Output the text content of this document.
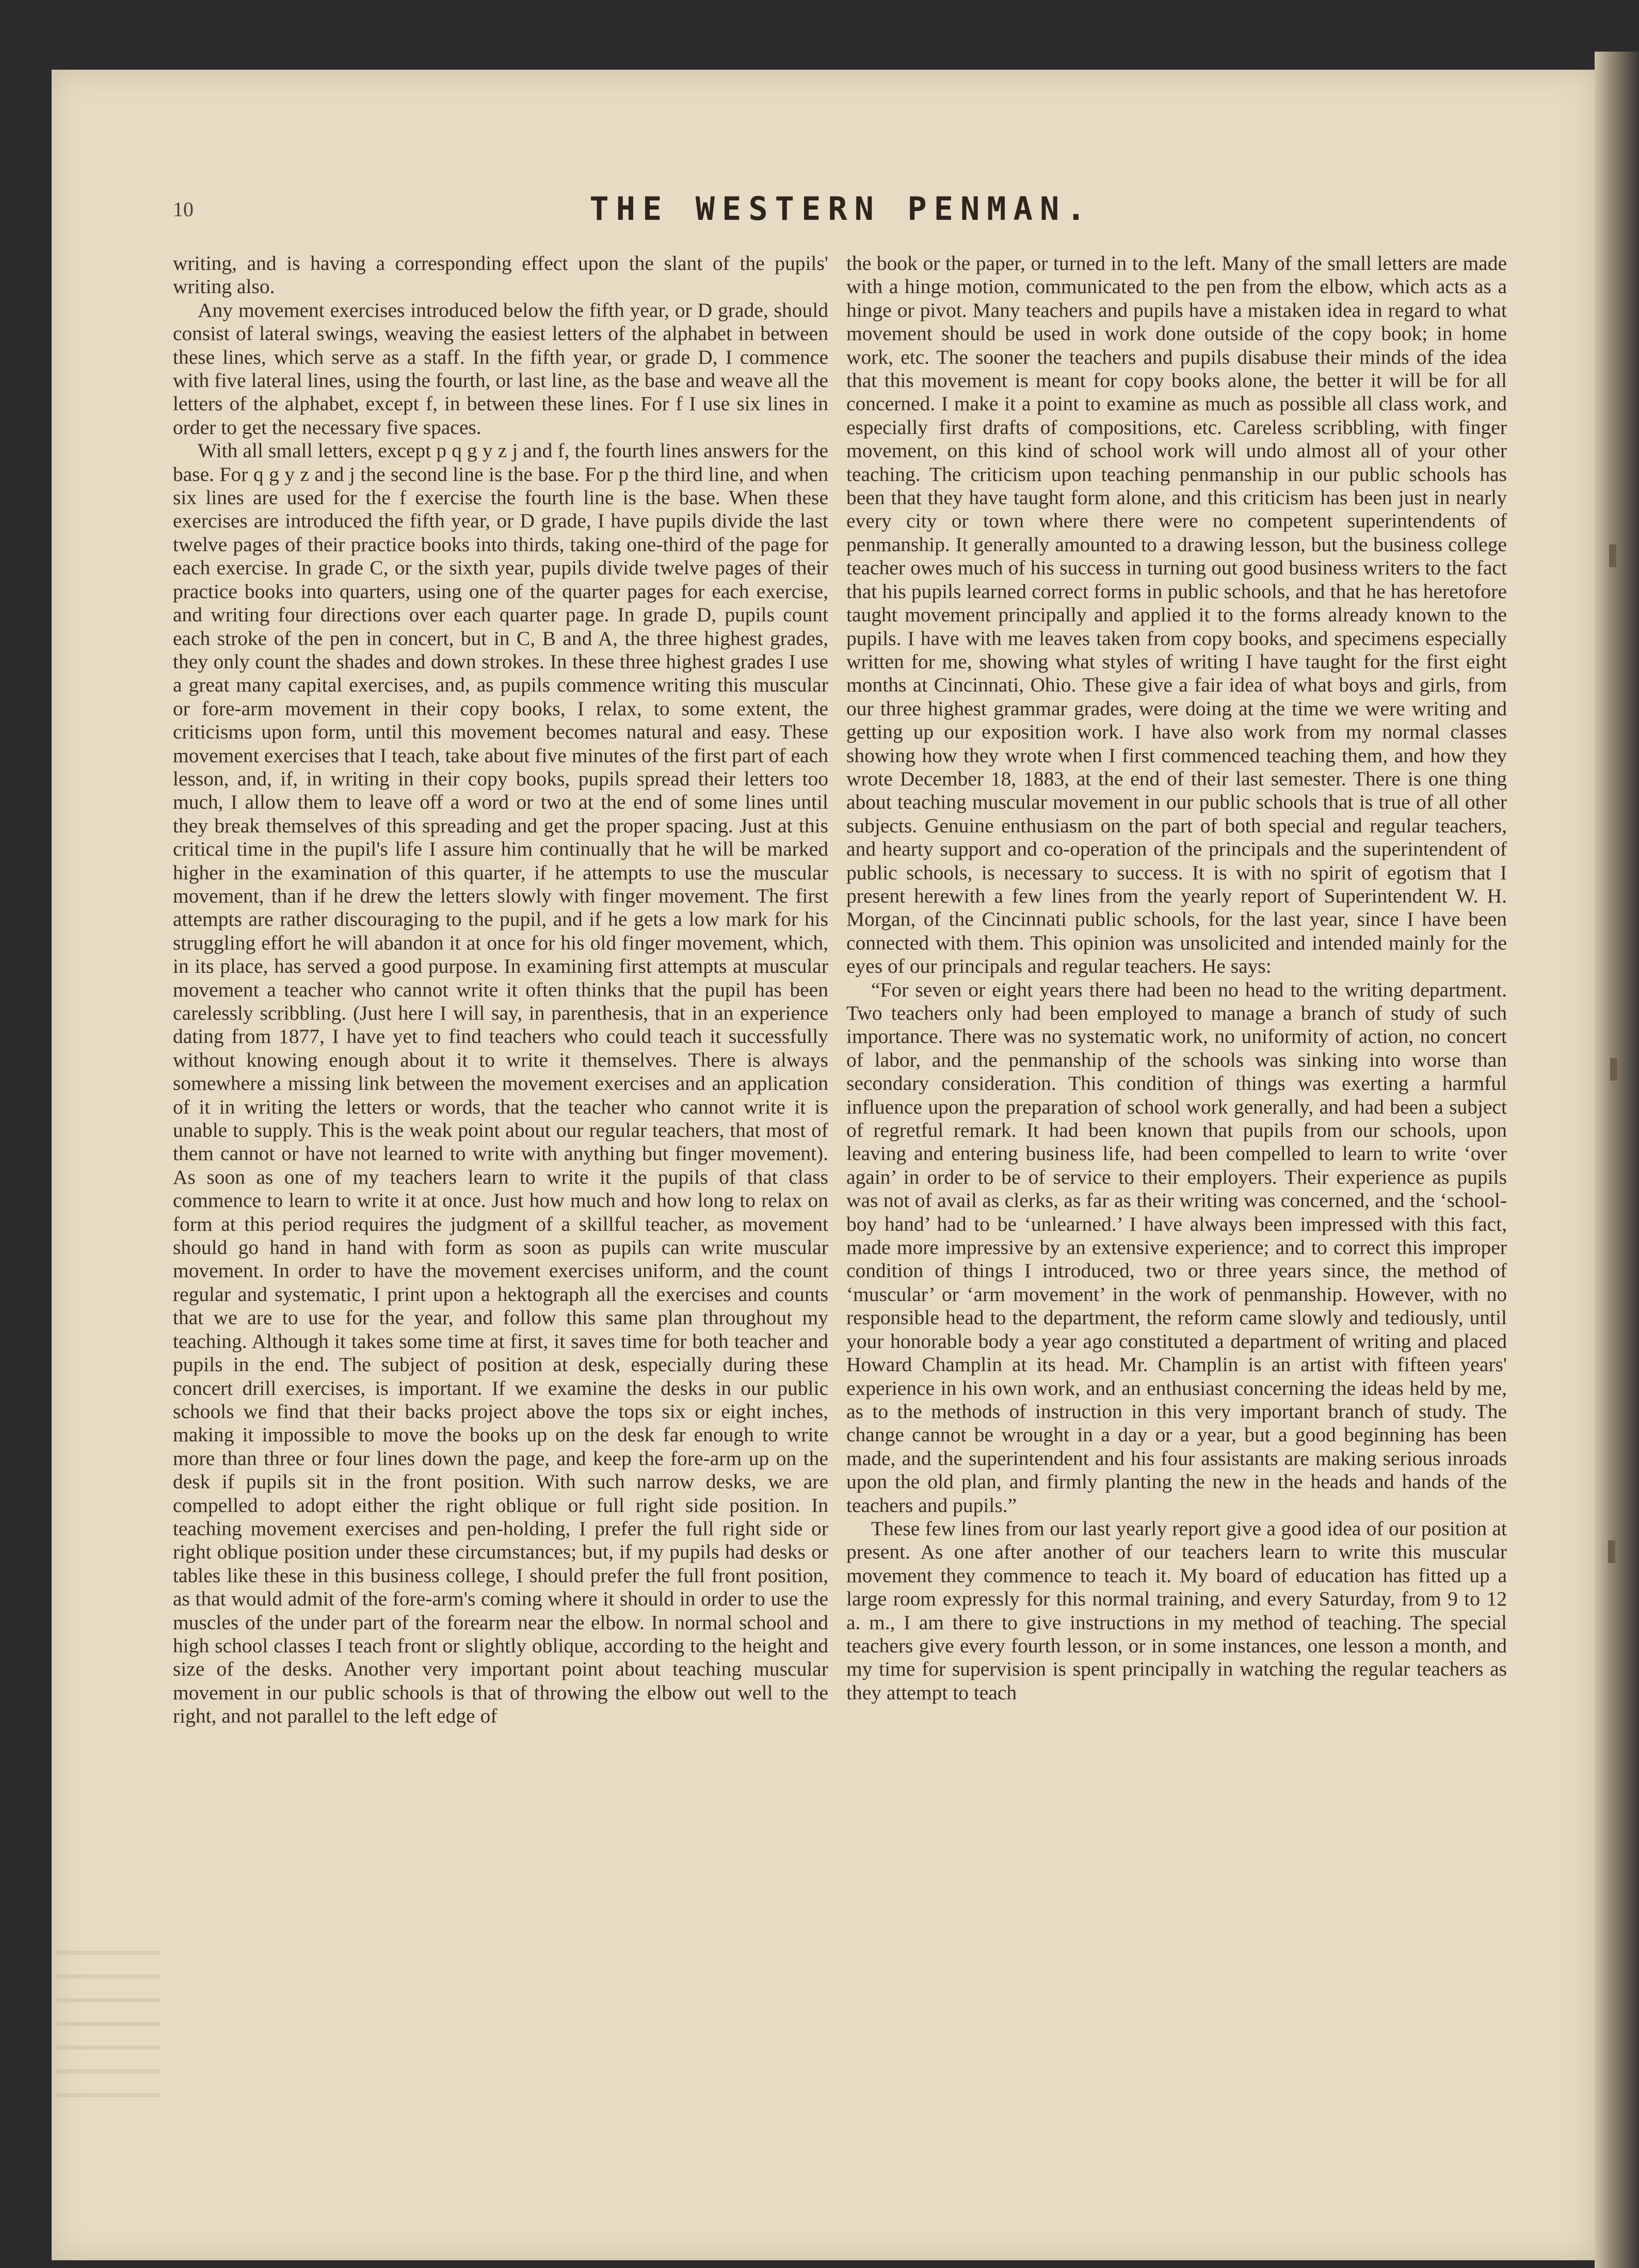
10	THE WESTERN PENMAN.

writing, and is having a corresponding effect upon the slant of the pupils' writing also.

Any movement exercises introduced below the fifth year, or D grade, should consist of lateral swings, weaving the easiest letters of the alphabet in between these lines, which serve as a staff. In the fifth year, or grade D, I commence with five lateral lines, using the fourth, or last line, as the base and weave all the letters of the alphabet, except f, in between these lines. For f I use six lines in order to get the necessary five spaces.

With all small letters, except p q g y z j and f, the fourth lines answers for the base. For q g y z and j the second line is the base. For p the third line, and when six lines are used for the f exercise the fourth line is the base. When these exercises are introduced the fifth year, or D grade, I have pupils divide the last twelve pages of their practice books into thirds, taking one-third of the page for each exercise. In grade C, or the sixth year, pupils divide twelve pages of their practice books into quarters, using one of the quarter pages for each exercise, and writing four directions over each quarter page. In grade D, pupils count each stroke of the pen in concert, but in C, B and A, the three highest grades, they only count the shades and down strokes. In these three highest grades I use a great many capital exercises, and, as pupils commence writing this muscular or fore-arm movement in their copy books, I relax, to some extent, the criticisms upon form, until this movement becomes natural and easy. These movement exercises that I teach, take about five minutes of the first part of each lesson, and, if, in writing in their copy books, pupils spread their letters too much, I allow them to leave off a word or two at the end of some lines until they break themselves of this spreading and get the proper spacing. Just at this critical time in the pupil's life I assure him continually that he will be marked higher in the examination of this quarter, if he attempts to use the muscular movement, than if he drew the letters slowly with finger movement. The first attempts are rather discouraging to the pupil, and if he gets a low mark for his struggling effort he will abandon it at once for his old finger movement, which, in its place, has served a good purpose. In examining first attempts at muscular movement a teacher who cannot write it often thinks that the pupil has been carelessly scribbling. (Just here I will say, in parenthesis, that in an experience dating from 1877, I have yet to find teachers who could teach it successfully without knowing enough about it to write it themselves. There is always somewhere a missing link between the movement exercises and an application of it in writing the letters or words, that the teacher who cannot write it is unable to supply. This is the weak point about our regular teachers, that most of them cannot or have not learned to write with anything but finger movement). As soon as one of my teachers learn to write it the pupils of that class commence to learn to write it at once. Just how much and how long to relax on form at this period requires the judgment of a skillful teacher, as movement should go hand in hand with form as soon as pupils can write muscular movement. In order to have the movement exercises uniform, and the count regular and systematic, I print upon a hektograph all the exercises and counts that we are to use for the year, and follow this same plan throughout my teaching. Although it takes some time at first, it saves time for both teacher and pupils in the end. The subject of position at desk, especially during these concert drill exercises, is important. If we examine the desks in our public schools we find that their backs project above the tops six or eight inches, making it impossible to move the books up on the desk far enough to write more than three or four lines down the page, and keep the fore-arm up on the desk if pupils sit in the front position. With such narrow desks, we are compelled to adopt either the right oblique or full right side position. In teaching movement exercises and pen-holding, I prefer the full right side or right oblique position under these circumstances; but, if my pupils had desks or tables like these in this business college, I should prefer the full front position, as that would admit of the fore-arm's coming where it should in order to use the muscles of the under part of the forearm near the elbow. In normal school and high school classes I teach front or slightly oblique, according to the height and size of the desks. Another very important point about teaching muscular movement in our public schools is that of throwing the elbow out well to the right, and not parallel to the left edge of

the book or the paper, or turned in to the left. Many of the small letters are made with a hinge motion, communicated to the pen from the elbow, which acts as a hinge or pivot. Many teachers and pupils have a mistaken idea in regard to what movement should be used in work done outside of the copy book; in home work, etc. The sooner the teachers and pupils disabuse their minds of the idea that this movement is meant for copy books alone, the better it will be for all concerned. I make it a point to examine as much as possible all class work, and especially first drafts of compositions, etc. Careless scribbling, with finger movement, on this kind of school work will undo almost all of your other teaching. The criticism upon teaching penmanship in our public schools has been that they have taught form alone, and this criticism has been just in nearly every city or town where there were no competent superintendents of penmanship. It generally amounted to a drawing lesson, but the business college teacher owes much of his success in turning out good business writers to the fact that his pupils learned correct forms in public schools, and that he has heretofore taught movement principally and applied it to the forms already known to the pupils. I have with me leaves taken from copy books, and specimens especially written for me, showing what styles of writing I have taught for the first eight months at Cincinnati, Ohio. These give a fair idea of what boys and girls, from our three highest grammar grades, were doing at the time we were writing and getting up our exposition work. I have also work from my normal classes showing how they wrote when I first commenced teaching them, and how they wrote December 18, 1883, at the end of their last semester. There is one thing about teaching muscular movement in our public schools that is true of all other subjects. Genuine enthusiasm on the part of both special and regular teachers, and hearty support and co-operation of the principals and the superintendent of public schools, is necessary to success. It is with no spirit of egotism that I present herewith a few lines from the yearly report of Superintendent W. H. Morgan, of the Cincinnati public schools, for the last year, since I have been connected with them. This opinion was unsolicited and intended mainly for the eyes of our principals and regular teachers. He says:

“For seven or eight years there had been no head to the writing department. Two teachers only had been employed to manage a branch of study of such importance. There was no systematic work, no uniformity of action, no concert of labor, and the penmanship of the schools was sinking into worse than secondary consideration. This condition of things was exerting a harmful influence upon the preparation of school work generally, and had been a subject of regretful remark. It had been known that pupils from our schools, upon leaving and entering business life, had been compelled to learn to write ‘over again’ in order to be of service to their employers. Their experience as pupils was not of avail as clerks, as far as their writing was concerned, and the ‘school-boy hand’ had to be ‘unlearned.’ I have always been impressed with this fact, made more impressive by an extensive experience; and to correct this improper condition of things I introduced, two or three years since, the method of ‘muscular’ or ‘arm movement’ in the work of penmanship. However, with no responsible head to the department, the reform came slowly and tediously, until your honorable body a year ago constituted a department of writing and placed Howard Champlin at its head. Mr. Champlin is an artist with fifteen years' experience in his own work, and an enthusiast concerning the ideas held by me, as to the methods of instruction in this very important branch of study. The change cannot be wrought in a day or a year, but a good beginning has been made, and the superintendent and his four assistants are making serious inroads upon the old plan, and firmly planting the new in the heads and hands of the teachers and pupils.”

These few lines from our last yearly report give a good idea of our position at present. As one after another of our teachers learn to write this muscular movement they commence to teach it. My board of education has fitted up a large room expressly for this normal training, and every Saturday, from 9 to 12 a. m., I am there to give instructions in my method of teaching. The special teachers give every fourth lesson, or in some instances, one lesson a month, and my time for supervision is spent principally in watching the regular teachers as they attempt to teach
